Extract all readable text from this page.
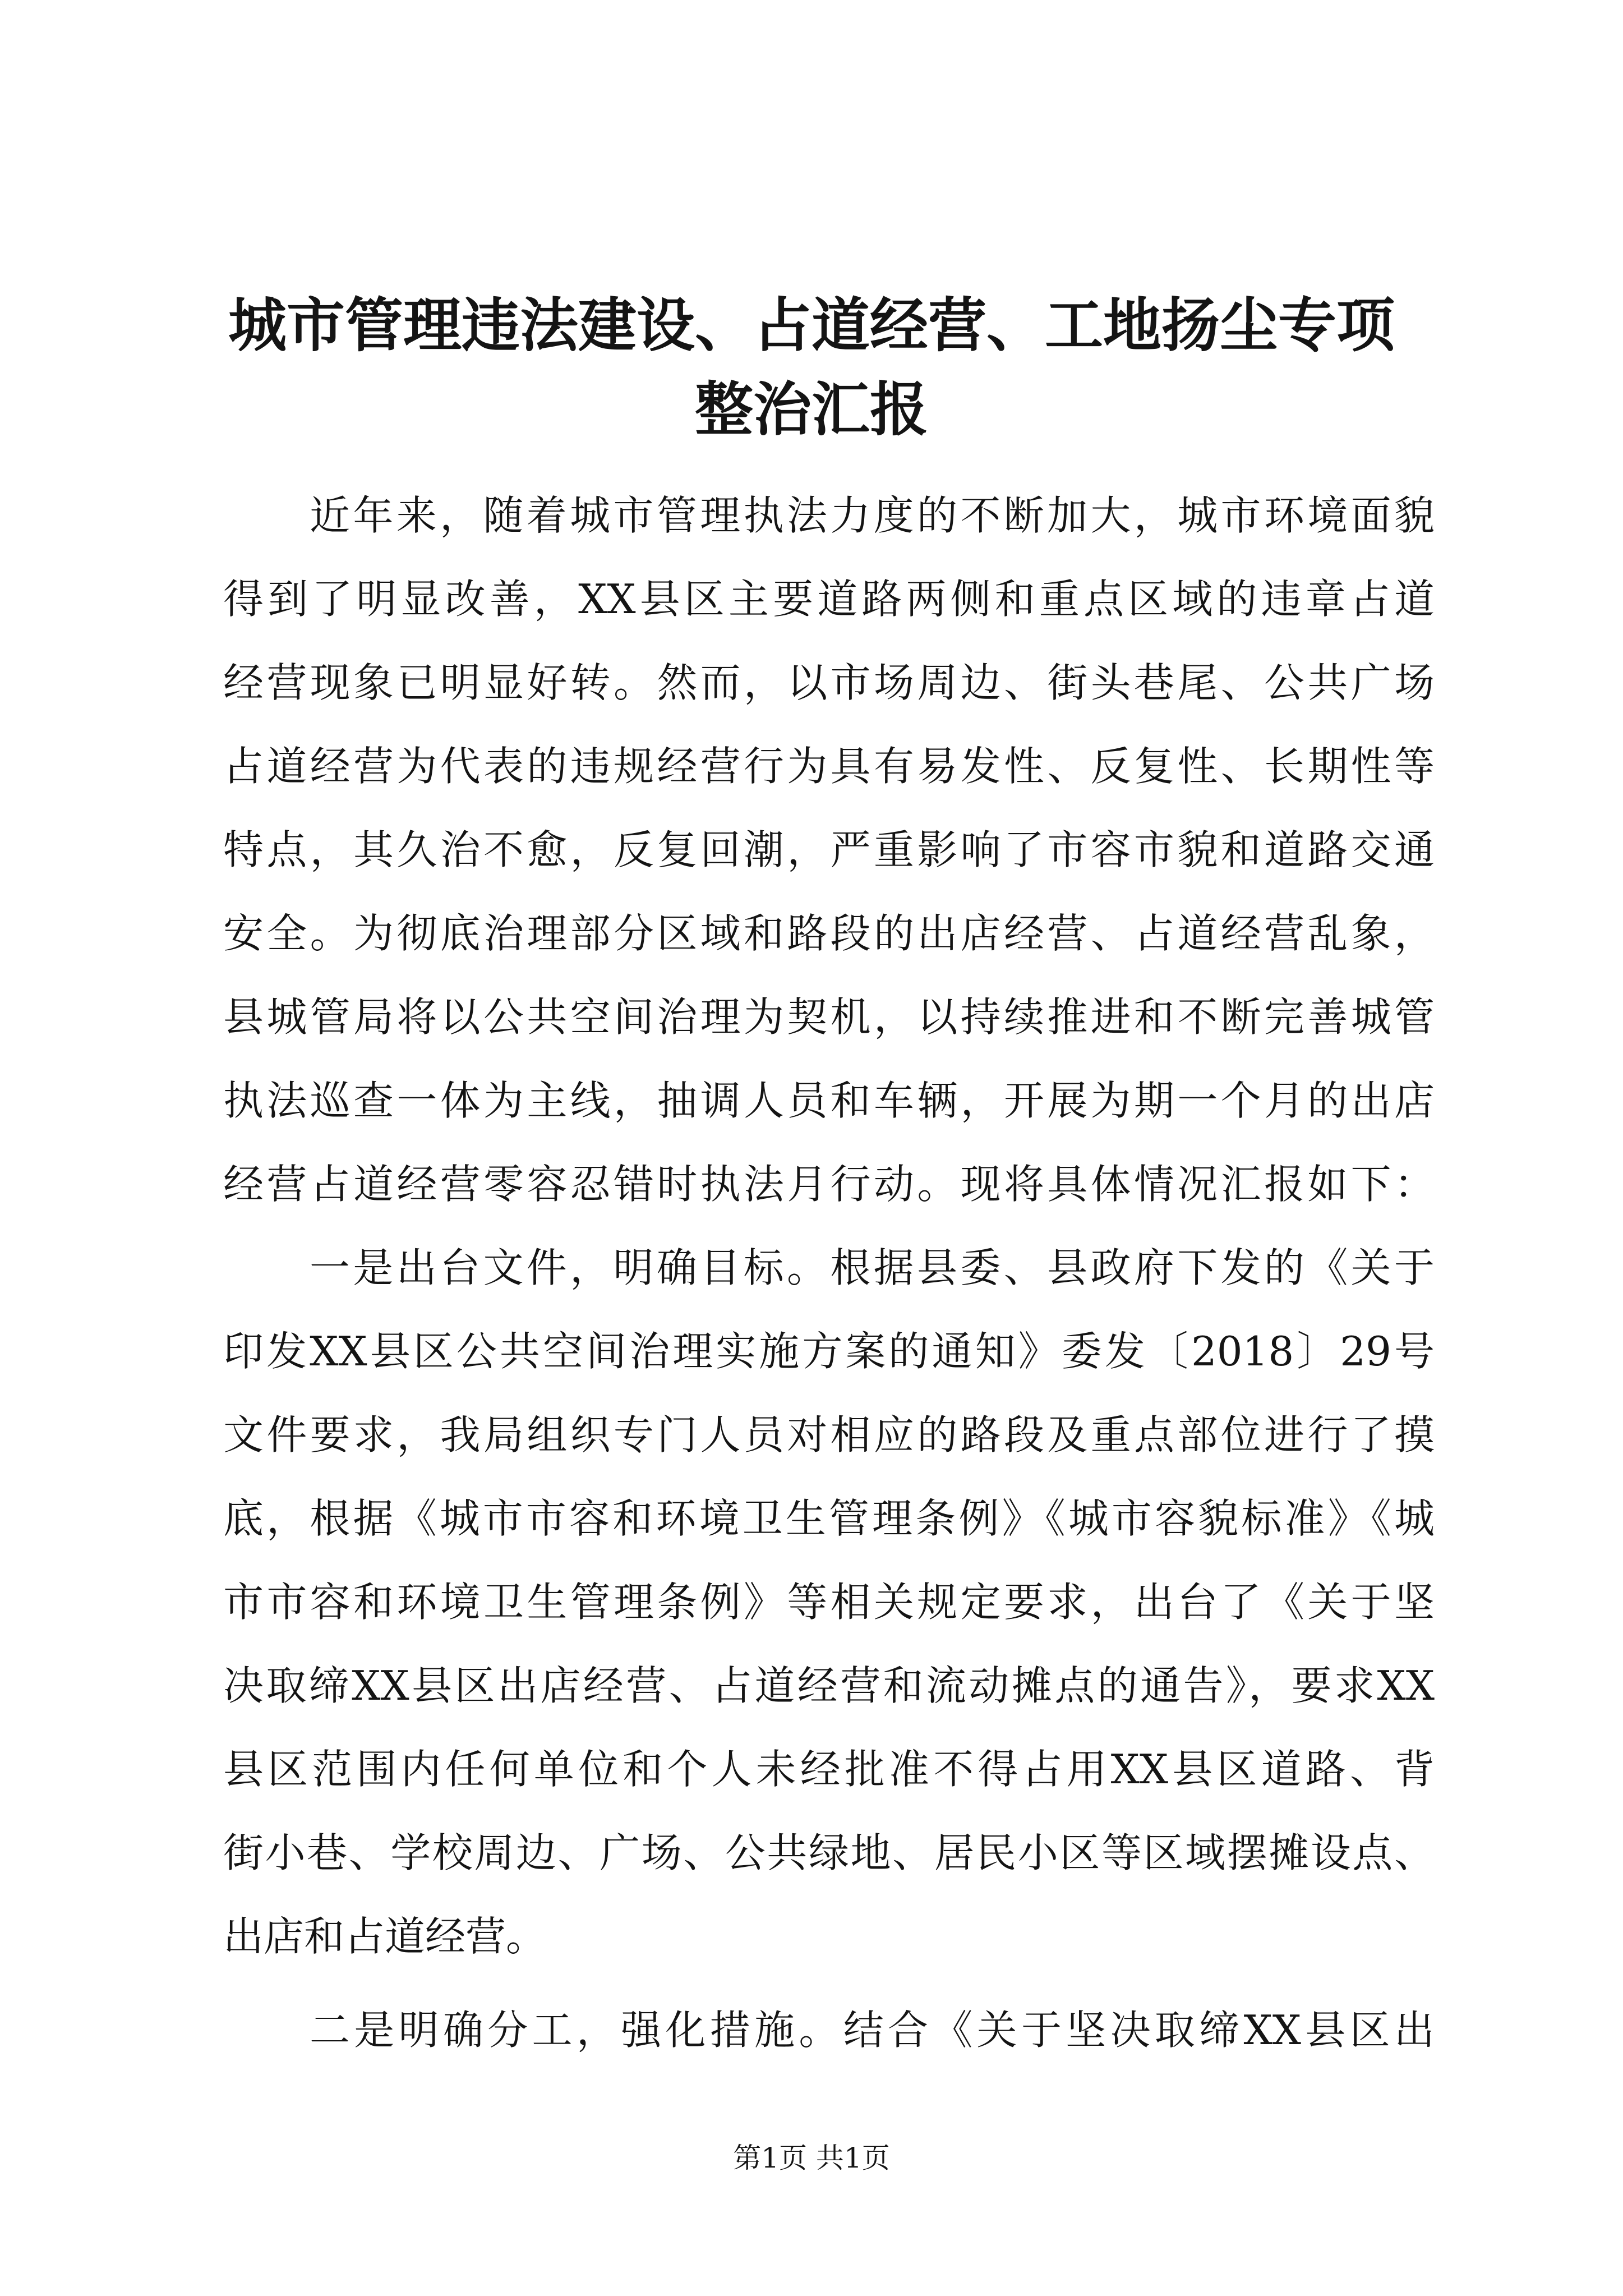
城市管理违法建设、占道经营、工地扬尘专项
整治汇报
近年来，随着城市管理执法力度的不断加大，城市环境面貌
得到了明显改善，XX县区主要道路两侧和重点区域的违章占道
经营现象已明显好转。然而，以市场周边、街头巷尾、公共广场
占道经营为代表的违规经营行为具有易发性、反复性、长期性等
特点，其久治不愈，反复回潮，严重影响了市容市貌和道路交通
安全。为彻底治理部分区域和路段的出店经营、占道经营乱象，
县城管局将以公共空间治理为契机，以持续推进和不断完善城管
执法巡查一体为主线，抽调人员和车辆，开展为期一个月的出店
经营占道经营零容忍错时执法月行动。现将具体情况汇报如下：
一是出台文件，明确目标。根据县委、县政府下发的《关于
印发XX县区公共空间治理实施方案的通知》委发〔2018〕29号
文件要求，我局组织专门人员对相应的路段及重点部位进行了摸
底，根据《城市市容和环境卫生管理条例》《城市容貌标准》《城
市市容和环境卫生管理条例》等相关规定要求，出台了《关于坚
决取缔XX县区出店经营、占道经营和流动摊点的通告》，要求XX
县区范围内任何单位和个人未经批准不得占用XX县区道路、背
街小巷、学校周边、广场、公共绿地、居民小区等区域摆摊设点、
出店和占道经营。
二是明确分工，强化措施。结合《关于坚决取缔XX县区出
第1页 共1页
